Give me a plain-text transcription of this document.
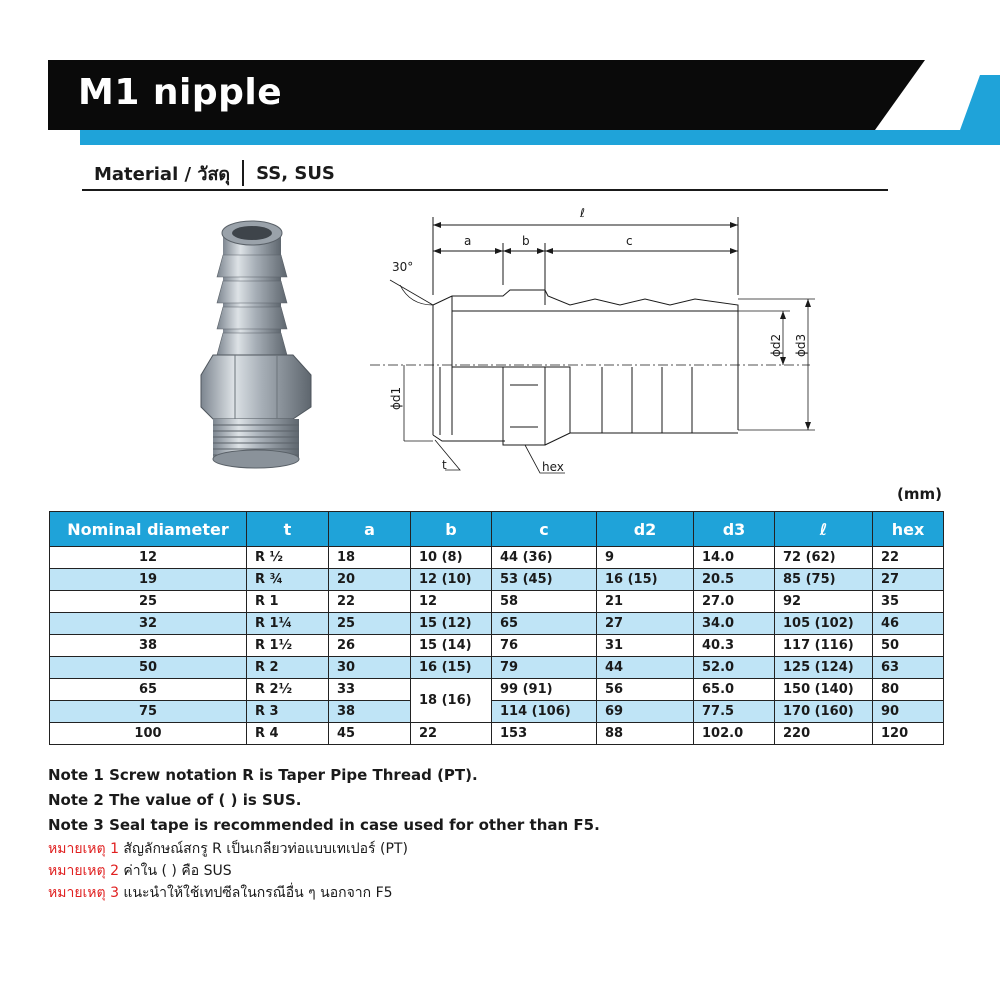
M1 nipple
Material / วัสดุ SS, SUS
ℓ
a	b	c
30°
t	hex
ϕd1
ϕd2 ϕd3
(mm)
Nominal diameter	t	a	b	c	d2	d3	ℓ	hex
12	R ½	18	10 (8)	44 (36)	9	14.0	72 (62)	22
19	R ¾	20	12 (10)	53 (45)	16 (15)	20.5	85 (75)	27
25	R 1	22	12	58	21	27.0	92	35
32	R 1¼	25	15 (12)	65	27	34.0	105 (102)	46
38	R 1½	26	15 (14)	76	31	40.3	117 (116)	50
50	R 2	30	16 (15)	79	44	52.0	125 (124)	63
65	R 2½	33	18 (16)	99 (91)	56	65.0	150 (140)	80
75	R 3	38		114 (106)	69	77.5	170 (160)	90
100	R 4	45	22	153	88	102.0	220	120
Note 1 Screw notation R is Taper Pipe Thread (PT).
Note 2 The value of ( ) is SUS.
Note 3 Seal tape is recommended in case used for other than F5.
หมายเหตุ 1 สัญลักษณ์สกรู R เป็นเกลียวท่อแบบเทเปอร์ (PT)
หมายเหตุ 2 ค่าใน ( ) คือ SUS
หมายเหตุ 3 แนะนำให้ใช้เทปซีลในกรณีอื่น ๆ นอกจาก F5
